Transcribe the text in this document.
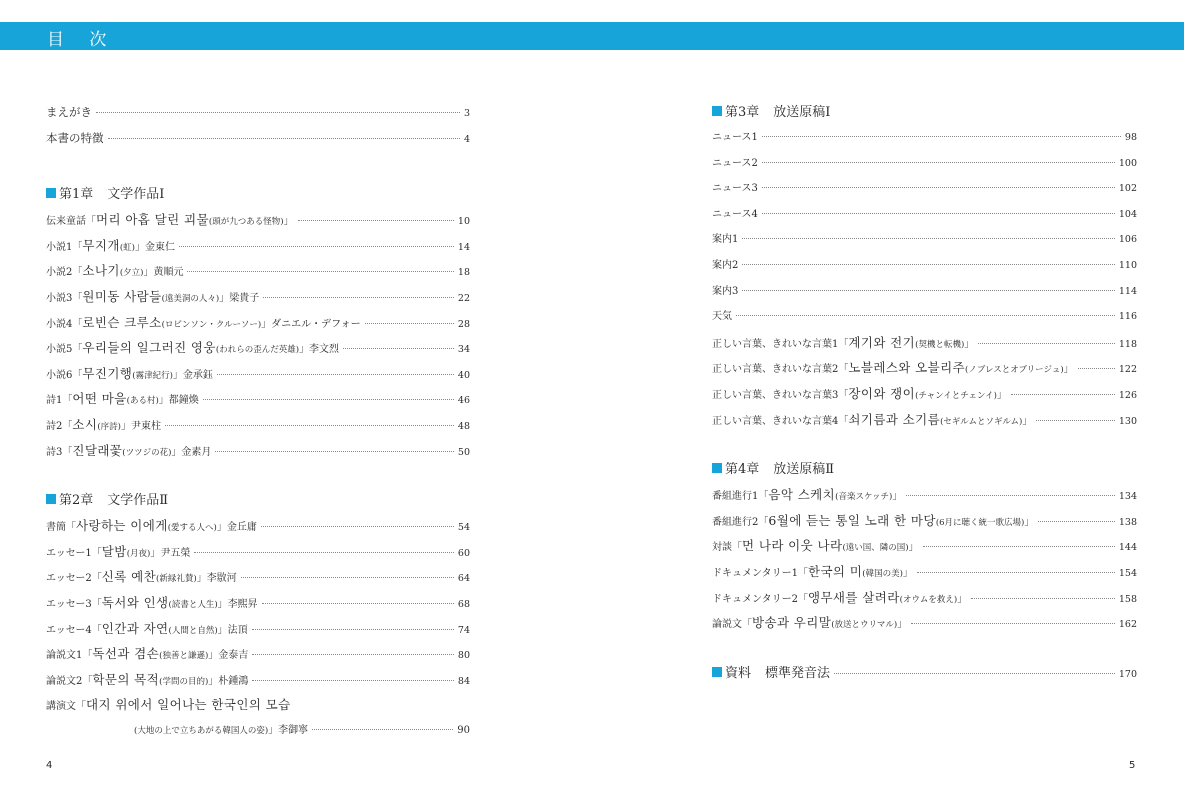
目 次
まえがき	3
本書の特徴	4
第1章 文学作品Ⅰ
伝来童話「머리 아홉 달린 괴물(頭が九つある怪物)」	10
小説1「무지개(虹)」金東仁	14
小説2「소나기(夕立)」黄順元	18
小説3「원미동 사람들(遠美洞の人々)」梁貴子	22
小説4「로빈슨 크루소(ロビンソン・クルーソー)」ダニエル・デフォー	28
小説5「우리들의 일그러진 영웅(われらの歪んだ英雄)」李文烈	34
小説6「무진기행(霧津紀行)」金承鈺	40
詩1「어떤 마을(ある村)」都鐘煥	46
詩2「소시(序詩)」尹東柱	48
詩3「진달래꽃(ツツジの花)」金素月	50
第2章 文学作品Ⅱ
書簡「사랑하는 이에게(愛する人へ)」金丘庸	54
エッセー1「달밤(月夜)」尹五榮	60
エッセー2「신록 예찬(新緑礼賛)」李敭河	64
エッセー3「독서와 인생(読書と人生)」李熙昇	68
エッセー4「인간과 자연(人間と自然)」法頂	74
論説文1「독선과 겸손(独善と謙遜)」金泰吉	80
論説文2「학문의 목적(学問の目的)」朴鍾鴻	84
講演文「대지 위에서 일어나는 한국인의 모습
(大地の上で立ちあがる韓国人の姿) 」李御寧	90
第3章 放送原稿Ⅰ
ニュース1	98
ニュース2	100
ニュース3	102
ニュース4	104
案内1	106
案内2	110
案内3	114
天気	116
正しい言葉、きれいな言葉1「계기와 전기(契機と転機)」	118
正しい言葉、きれいな言葉2「노블레스와 오블리주(ノブレスとオブリージュ)」	122
正しい言葉、きれいな言葉3「장이와 쟁이(チャンイとチェンイ)」	126
正しい言葉、きれいな言葉4「쇠기름과 소기름(セギルムとソギルム)」	130
第4章 放送原稿Ⅱ
番組進行1「음악 스케치(音楽スケッチ)」	134
番組進行2「6월에 듣는 통일 노래 한 마당(6月に聴く統一歌広場)」	138
対談「먼 나라 이웃 나라(遠い国、隣の国)」	144
ドキュメンタリー1「한국의 미(韓国の美)」	154
ドキュメンタリー2「앵무새를 살려라(オウムを救え)」	158
論説文「방송과 우리말(放送とウリマル)」	162
資料 標準発音法	170
4	5
